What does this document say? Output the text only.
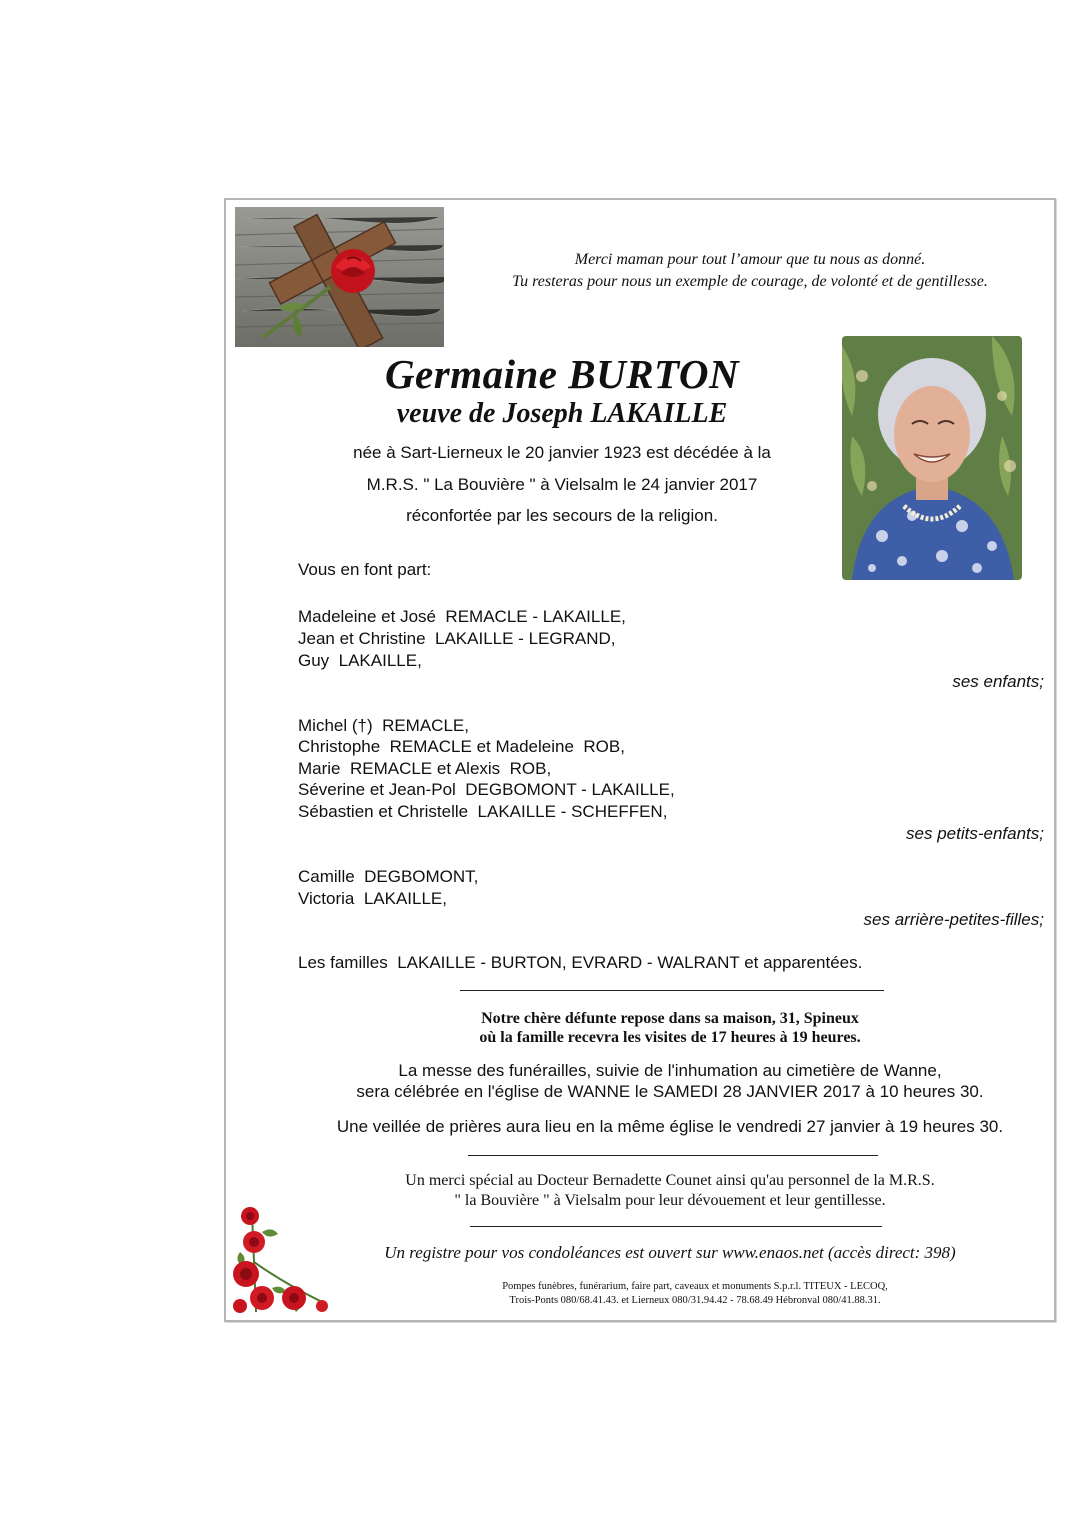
Merci maman pour tout l’amour que tu nous as donné.
Tu resteras pour nous un exemple de courage, de volonté et de gentillesse.
Germaine BURTON
veuve de Joseph LAKAILLE
née à Sart-Lierneux le 20 janvier 1923 est décédée à la
M.R.S. " La Bouvière " à Vielsalm le 24 janvier 2017
réconfortée par les secours de la religion.
Vous en font part:
Madeleine et José  REMACLE - LAKAILLE,
Jean et Christine  LAKAILLE - LEGRAND,
Guy  LAKAILLE,
ses enfants;
Michel (†)  REMACLE,
Christophe  REMACLE et Madeleine  ROB,
Marie  REMACLE et Alexis  ROB,
Séverine et Jean-Pol  DEGBOMONT - LAKAILLE,
Sébastien et Christelle  LAKAILLE - SCHEFFEN,
ses petits-enfants;
Camille  DEGBOMONT,
Victoria  LAKAILLE,
ses arrière-petites-filles;
Les familles  LAKAILLE - BURTON, EVRARD - WALRANT et apparentées.
Notre chère défunte repose dans sa maison, 31, Spineux
où la famille recevra les visites de 17 heures à 19 heures.
La messe des funérailles, suivie de l'inhumation au cimetière de Wanne,
sera célébrée en l'église de WANNE le SAMEDI 28 JANVIER 2017 à 10 heures 30.
Une veillée de prières aura lieu en la même église le vendredi 27 janvier à 19 heures 30.
Un merci spécial au Docteur Bernadette Counet ainsi qu'au personnel de la M.R.S.
" la Bouvière " à Vielsalm pour leur dévouement et leur gentillesse.
Un registre pour vos condoléances est ouvert sur www.enaos.net (accès direct: 398)
Pompes funèbres, funérarium, faire part, caveaux et monuments S.p.r.l. TITEUX - LECOQ,
Trois-Ponts 080/68.41.43. et Lierneux 080/31.94.42 - 78.68.49 Hébronval 080/41.88.31.
